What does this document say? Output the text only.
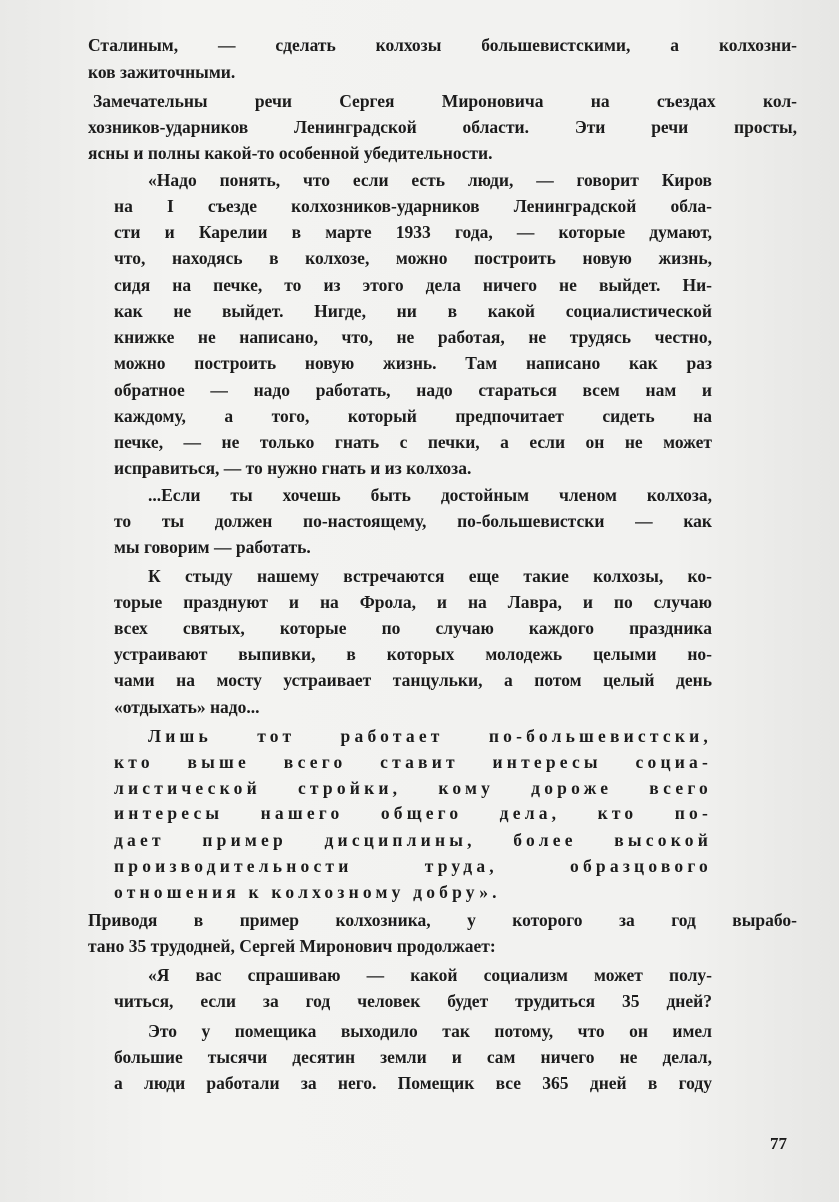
Сталиным, — сделать колхозы большевистскими, а колхозни-
ков зажиточными.
Замечательны речи Сергея Мироновича на съездах кол-
хозников-ударников Ленинградской области. Эти речи просты,
ясны и полны какой-то особенной убедительности.
«Надо понять, что если есть люди, — говорит Киров
на I съезде колхозников-ударников Ленинградской обла-
сти и Карелии в марте 1933 года, — которые думают,
что, находясь в колхозе, можно построить новую жизнь,
сидя на печке, то из этого дела ничего не выйдет. Ни-
как не выйдет. Нигде, ни в какой социалистической
книжке не написано, что, не работая, не трудясь честно,
можно построить новую жизнь. Там написано как раз
обратное — надо работать, надо стараться всем нам и
каждому, а того, который предпочитает сидеть на
печке, — не только гнать с печки, а если он не может
исправиться, — то нужно гнать и из колхоза.
...Если ты хочешь быть достойным членом колхоза,
то ты должен по-настоящему, по-большевистски — как
мы говорим — работать.
К стыду нашему встречаются еще такие колхозы, ко-
торые празднуют и на Фрола, и на Лавра, и по случаю
всех святых, которые по случаю каждого праздника
устраивают выпивки, в которых молодежь целыми но-
чами на мосту устраивает танцульки, а потом целый день
«отдыхать» надо...
Лишь тот работает по-большевистски,
кто выше всего ставит интересы социа-
листической стройки, кому дороже всего
интересы нашего общего дела, кто по-
дает пример дисциплины, более высокой
производительности труда, образцового
отношения к колхозному добру».
Приводя в пример колхозника, у которого за год вырабо-
тано 35 трудодней, Сергей Миронович продолжает:
«Я вас спрашиваю — какой социализм может полу-
читься, если за год человек будет трудиться 35 дней?
Это у помещика выходило так потому, что он имел
большие тысячи десятин земли и сам ничего не делал,
а люди работали за него. Помещик все 365 дней в году
77
